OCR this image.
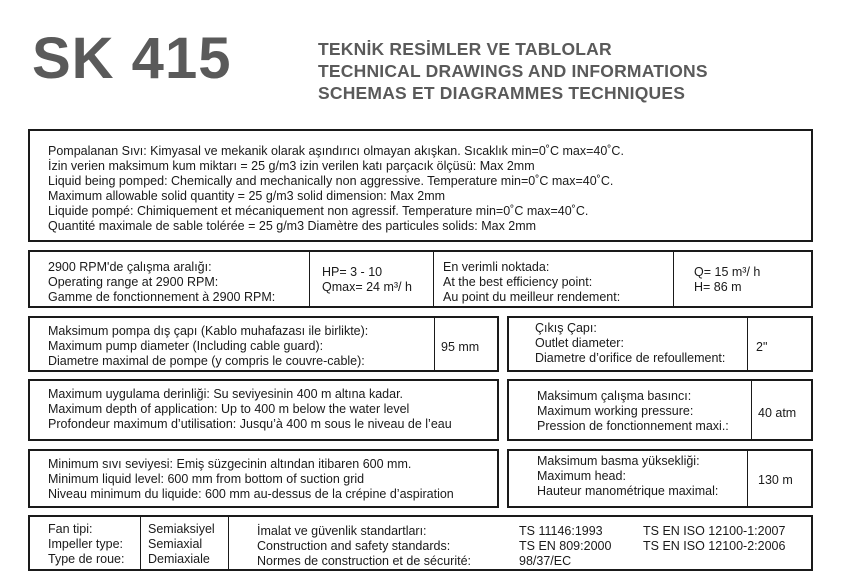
SK 415	TEKNİK RESİMLER VE TABLOLAR
TECHNICAL DRAWINGS AND INFORMATIONS
SCHEMAS ET DIAGRAMMES TECHNIQUES
Pompalanan Sıvı: Kimyasal ve mekanik olarak aşındırıcı olmayan akışkan. Sıcaklık min=0˚C max=40˚C.
İzin verien maksimum kum miktarı = 25 g/m3 izin verilen katı parçacık ölçüsü: Max 2mm
Liquid being pomped: Chemically and mechanically non aggressive. Temperature min=0˚C max=40˚C.
Maximum allowable solid quantity = 25 g/m3 solid dimension: Max 2mm
Liquide pompé: Chimiquement et mécaniquement non agressif. Temperature min=0˚C max=40˚C.
Quantité maximale de sable tolérée = 25 g/m3 Diamètre des particules solids: Max 2mm
2900 RPM'de çalışma aralığı:
Operating range at 2900 RPM:
Gamme de fonctionnement à 2900 RPM:
HP= 3 - 10
Qmax= 24 m³/ h
En verimli noktada:
At the best efficiency point:
Au point du meilleur rendement:
Q= 15 m³/ h
H= 86 m
Maksimum pompa dış çapı (Kablo muhafazası ile birlikte):
Maximum pump diameter (Including cable guard):
Diametre maximal de pompe (y compris le couvre-cable):
95 mm
Çıkış Çapı:
Outlet diameter:
Diametre d’orifice de refoullement:
2"
Maximum uygulama derinliği: Su seviyesinin 400 m altına kadar.
Maximum depth of application: Up to 400 m below the water level
Profondeur maximum d’utilisation: Jusqu’à 400 m sous le niveau de l’eau
Maksimum çalışma basıncı:
Maximum working pressure:
Pression de fonctionnement maxi.:
40 atm
Minimum sıvı seviyesi: Emiş süzgecinin altından itibaren 600 mm.
Minimum liquid level: 600 mm from bottom of suction grid
Niveau minimum du liquide: 600 mm au-dessus de la crépine d’aspiration
Maksimum basma yüksekliği:
Maximum head:
Hauteur manométrique maximal:
130 m
Fan tipi:
Impeller type:
Type de roue:
Semiaksiyel
Semiaxial
Demiaxiale
İmalat ve güvenlik standartları:
Construction and safety standards:
Normes de construction et de sécurité:
TS 11146:1993
TS EN 809:2000
98/37/EC
TS EN ISO 12100-1:2007
TS EN ISO 12100-2:2006
